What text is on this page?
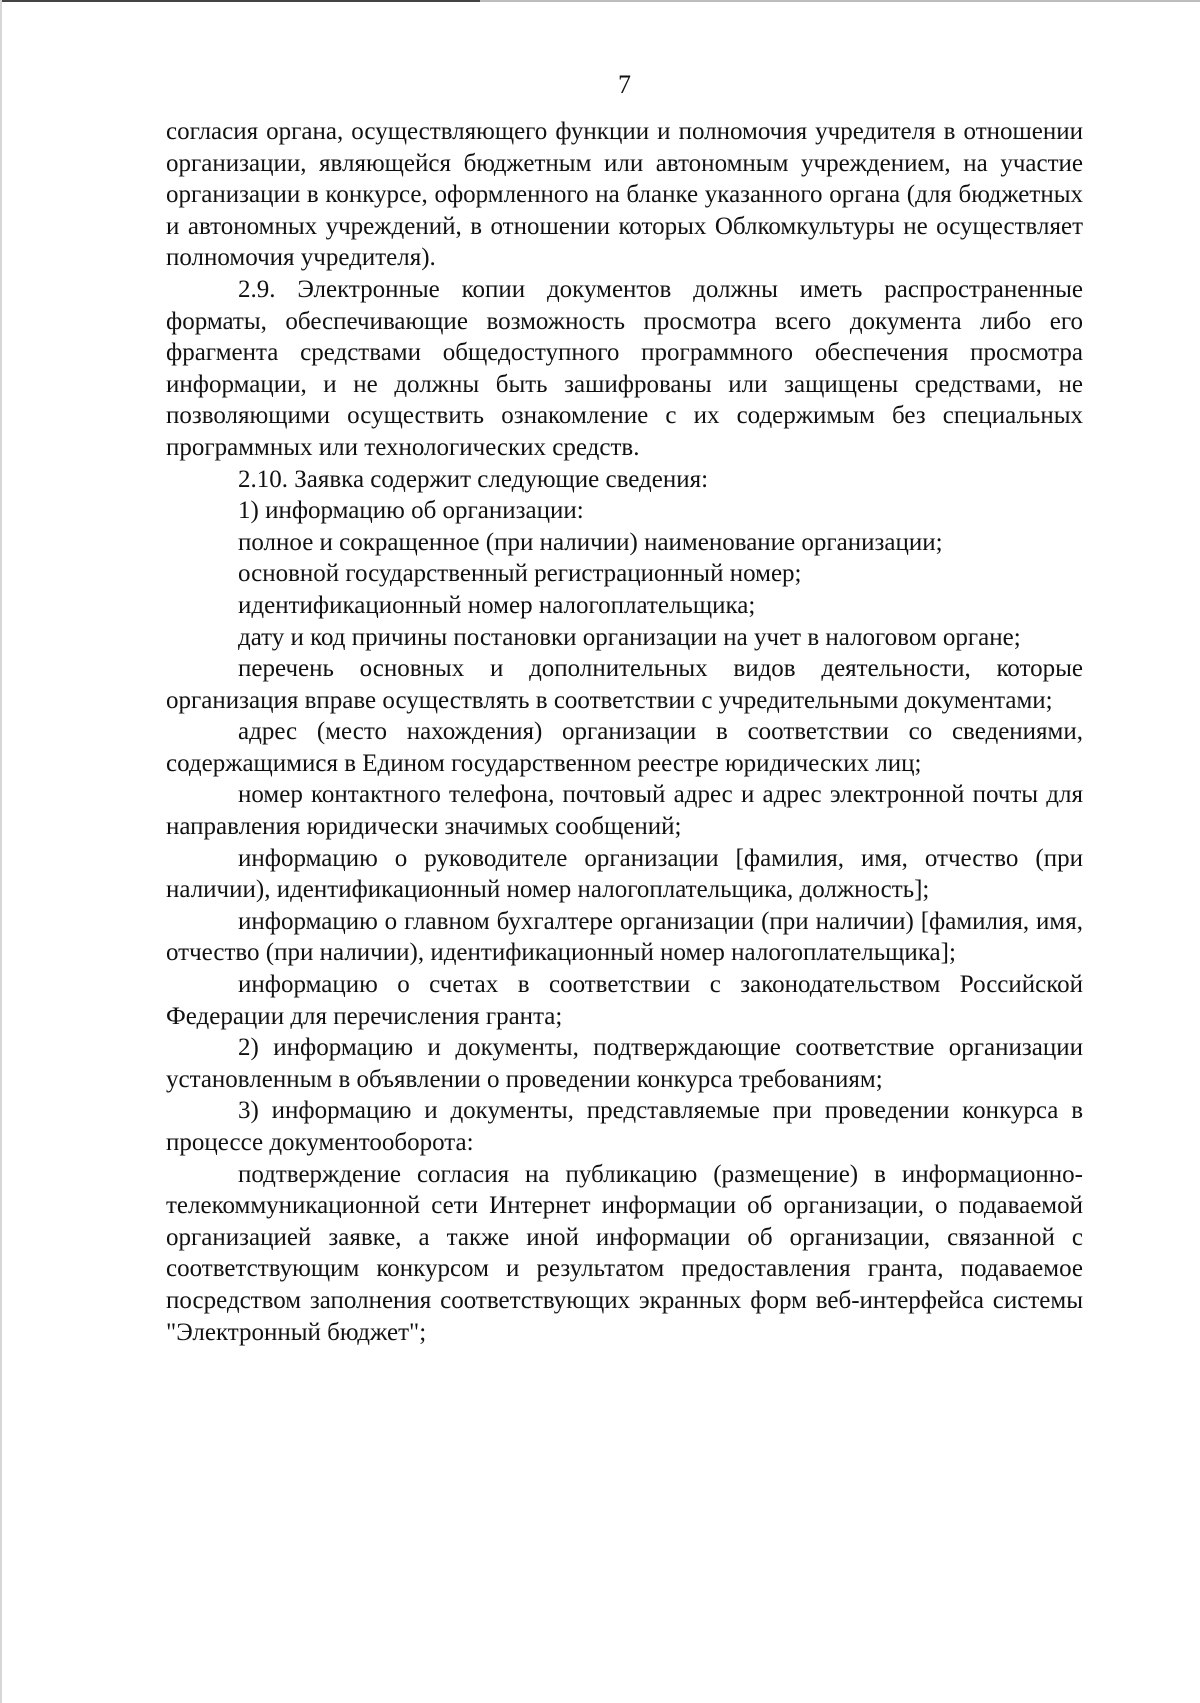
7

согласия органа, осуществляющего функции и полномочия учредителя в отношении организации, являющейся бюджетным или автономным учреждением, на участие организации в конкурсе, оформленного на бланке указанного органа (для бюджетных и автономных учреждений, в отношении которых Облкомкультуры не осуществляет полномочия учредителя).

2.9. Электронные копии документов должны иметь распространенные форматы, обеспечивающие возможность просмотра всего документа либо его фрагмента средствами общедоступного программного обеспечения просмотра информации, и не должны быть зашифрованы или защищены средствами, не позволяющими осуществить ознакомление с их содержимым без специальных программных или технологических средств.

2.10. Заявка содержит следующие сведения:

1) информацию об организации:

полное и сокращенное (при наличии) наименование организации;

основной государственный регистрационный номер;

идентификационный номер налогоплательщика;

дату и код причины постановки организации на учет в налоговом органе;

перечень основных и дополнительных видов деятельности, которые организация вправе осуществлять в соответствии с учредительными документами;

адрес (место нахождения) организации в соответствии со сведениями, содержащимися в Едином государственном реестре юридических лиц;

номер контактного телефона, почтовый адрес и адрес электронной почты для направления юридически значимых сообщений;

информацию о руководителе организации [фамилия, имя, отчество (при наличии), идентификационный номер налогоплательщика, должность];

информацию о главном бухгалтере организации (при наличии) [фамилия, имя, отчество (при наличии), идентификационный номер налогоплательщика];

информацию о счетах в соответствии с законодательством Российской Федерации для перечисления гранта;

2) информацию и документы, подтверждающие соответствие организации установленным в объявлении о проведении конкурса требованиям;

3) информацию и документы, представляемые при проведении конкурса в процессе документооборота:

подтверждение согласия на публикацию (размещение) в информационно-телекоммуникационной сети Интернет информации об организации, о подаваемой организацией заявке, а также иной информации об организации, связанной с соответствующим конкурсом и результатом предоставления гранта, подаваемое посредством заполнения соответствующих экранных форм веб-интерфейса системы "Электронный бюджет";
